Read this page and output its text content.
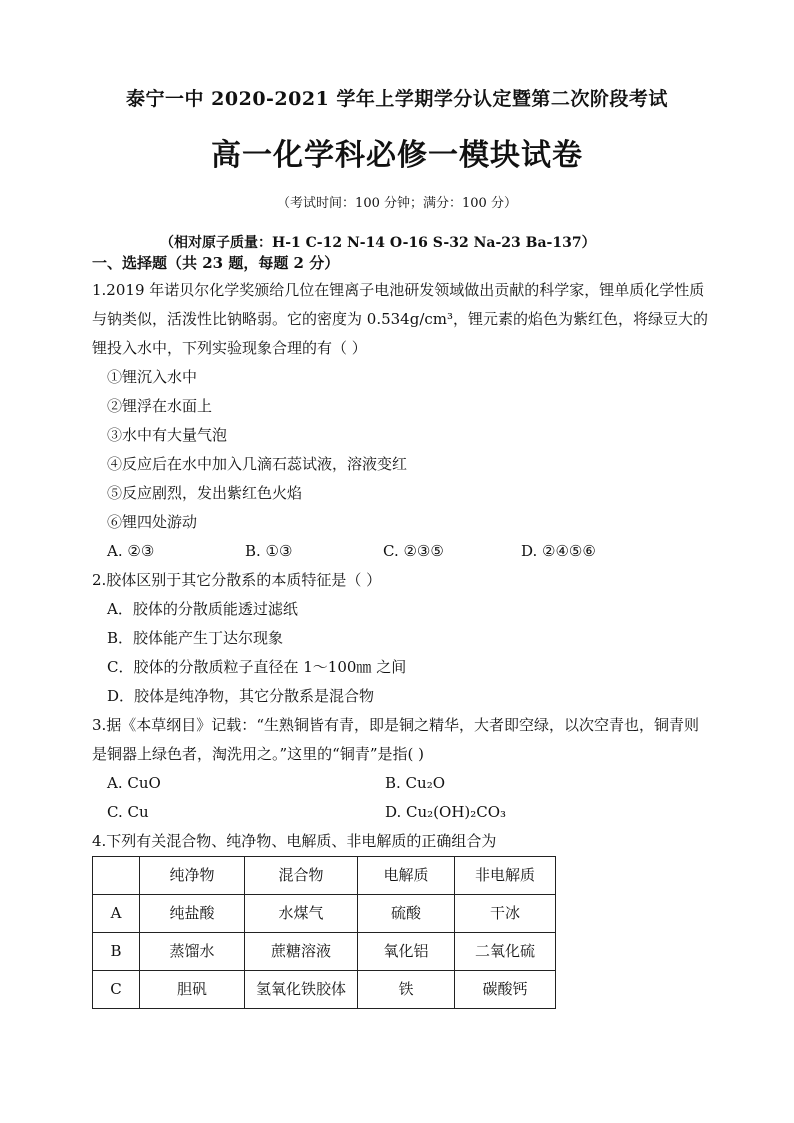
泰宁一中 2020-2021 学年上学期学分认定暨第二次阶段考试
高一化学科必修一模块试卷
（考试时间：100 分钟；满分：100 分）
（相对原子质量：H-1 C-12 N-14 O-16 S-32 Na-23 Ba-137）
一、选择题（共 23 题，每题 2 分）
1.2019 年诺贝尔化学奖颁给几位在锂离子电池研发领域做出贡献的科学家，锂单质化学性质与钠类似，活泼性比钠略弱。它的密度为 0.534g/cm³，锂元素的焰色为紫红色，将绿豆大的锂投入水中，下列实验现象合理的有（ ）
①锂沉入水中
②锂浮在水面上
③水中有大量气泡
④反应后在水中加入几滴石蕊试液，溶液变红
⑤反应剧烈，发出紫红色火焰
⑥锂四处游动
A. ②③	B. ①③	C. ②③⑤	D. ②④⑤⑥
2.胶体区别于其它分散系的本质特征是（ ）
A．胶体的分散质能透过滤纸
B．胶体能产生丁达尔现象
C．胶体的分散质粒子直径在 1～100㎚ 之间
D．胶体是纯净物，其它分散系是混合物
3.据《本草纲目》记载：“生熟铜皆有青，即是铜之精华，大者即空绿，以次空青也，铜青则是铜器上绿色者，淘洗用之。”这里的“铜青”是指( )
A. CuO	B. Cu₂O
C. Cu	D. Cu₂(OH)₂CO₃
4.下列有关混合物、纯净物、电解质、非电解质的正确组合为
	纯净物	混合物	电解质	非电解质
A	纯盐酸	水煤气	硫酸	干冰
B	蒸馏水	蔗糖溶液	氧化铝	二氧化硫
C	胆矾	氢氧化铁胶体	铁	碳酸钙
